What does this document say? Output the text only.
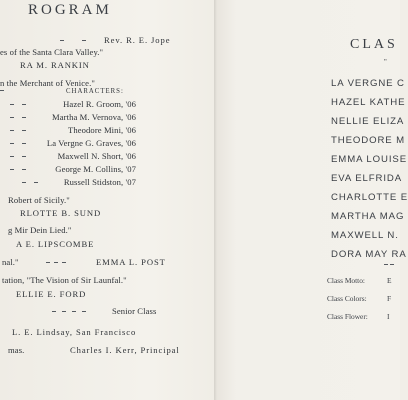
ROGRAM
Rev. R. E. Jope
es of the Santa Clara Valley."
RA M. RANKIN
n the Merchant of Venice."
CHARACTERS:
Hazel R. Groom, '06
Martha M. Vernova, '06
Theodore Mini, '06
La Vergne G. Graves, '06
Maxwell N. Short, '06
George M. Collins, '07
Russell Stidston, '07
Robert of Sicily."
RLOTTE B. SUND
g Mir Dein Lied."
A E. LIPSCOMBE
nal."	EMMA L. POST
tation, "The Vision of Sir Launfal."
ELLIE E. FORD
Senior Class
L. E. Lindsay, San Francisco
mas.	Charles I. Kerr, Principal
CLAS
"
LA VERGNE C
HAZEL KATHE
NELLIE ELIZA
THEODORE M
EMMA LOUISE
EVA ELFRIDA
CHARLOTTE E
MARTHA MAG
MAXWELL N.
DORA MAY RA
Class Motto:	E
Class Colors:	F
Class Flower:	I
